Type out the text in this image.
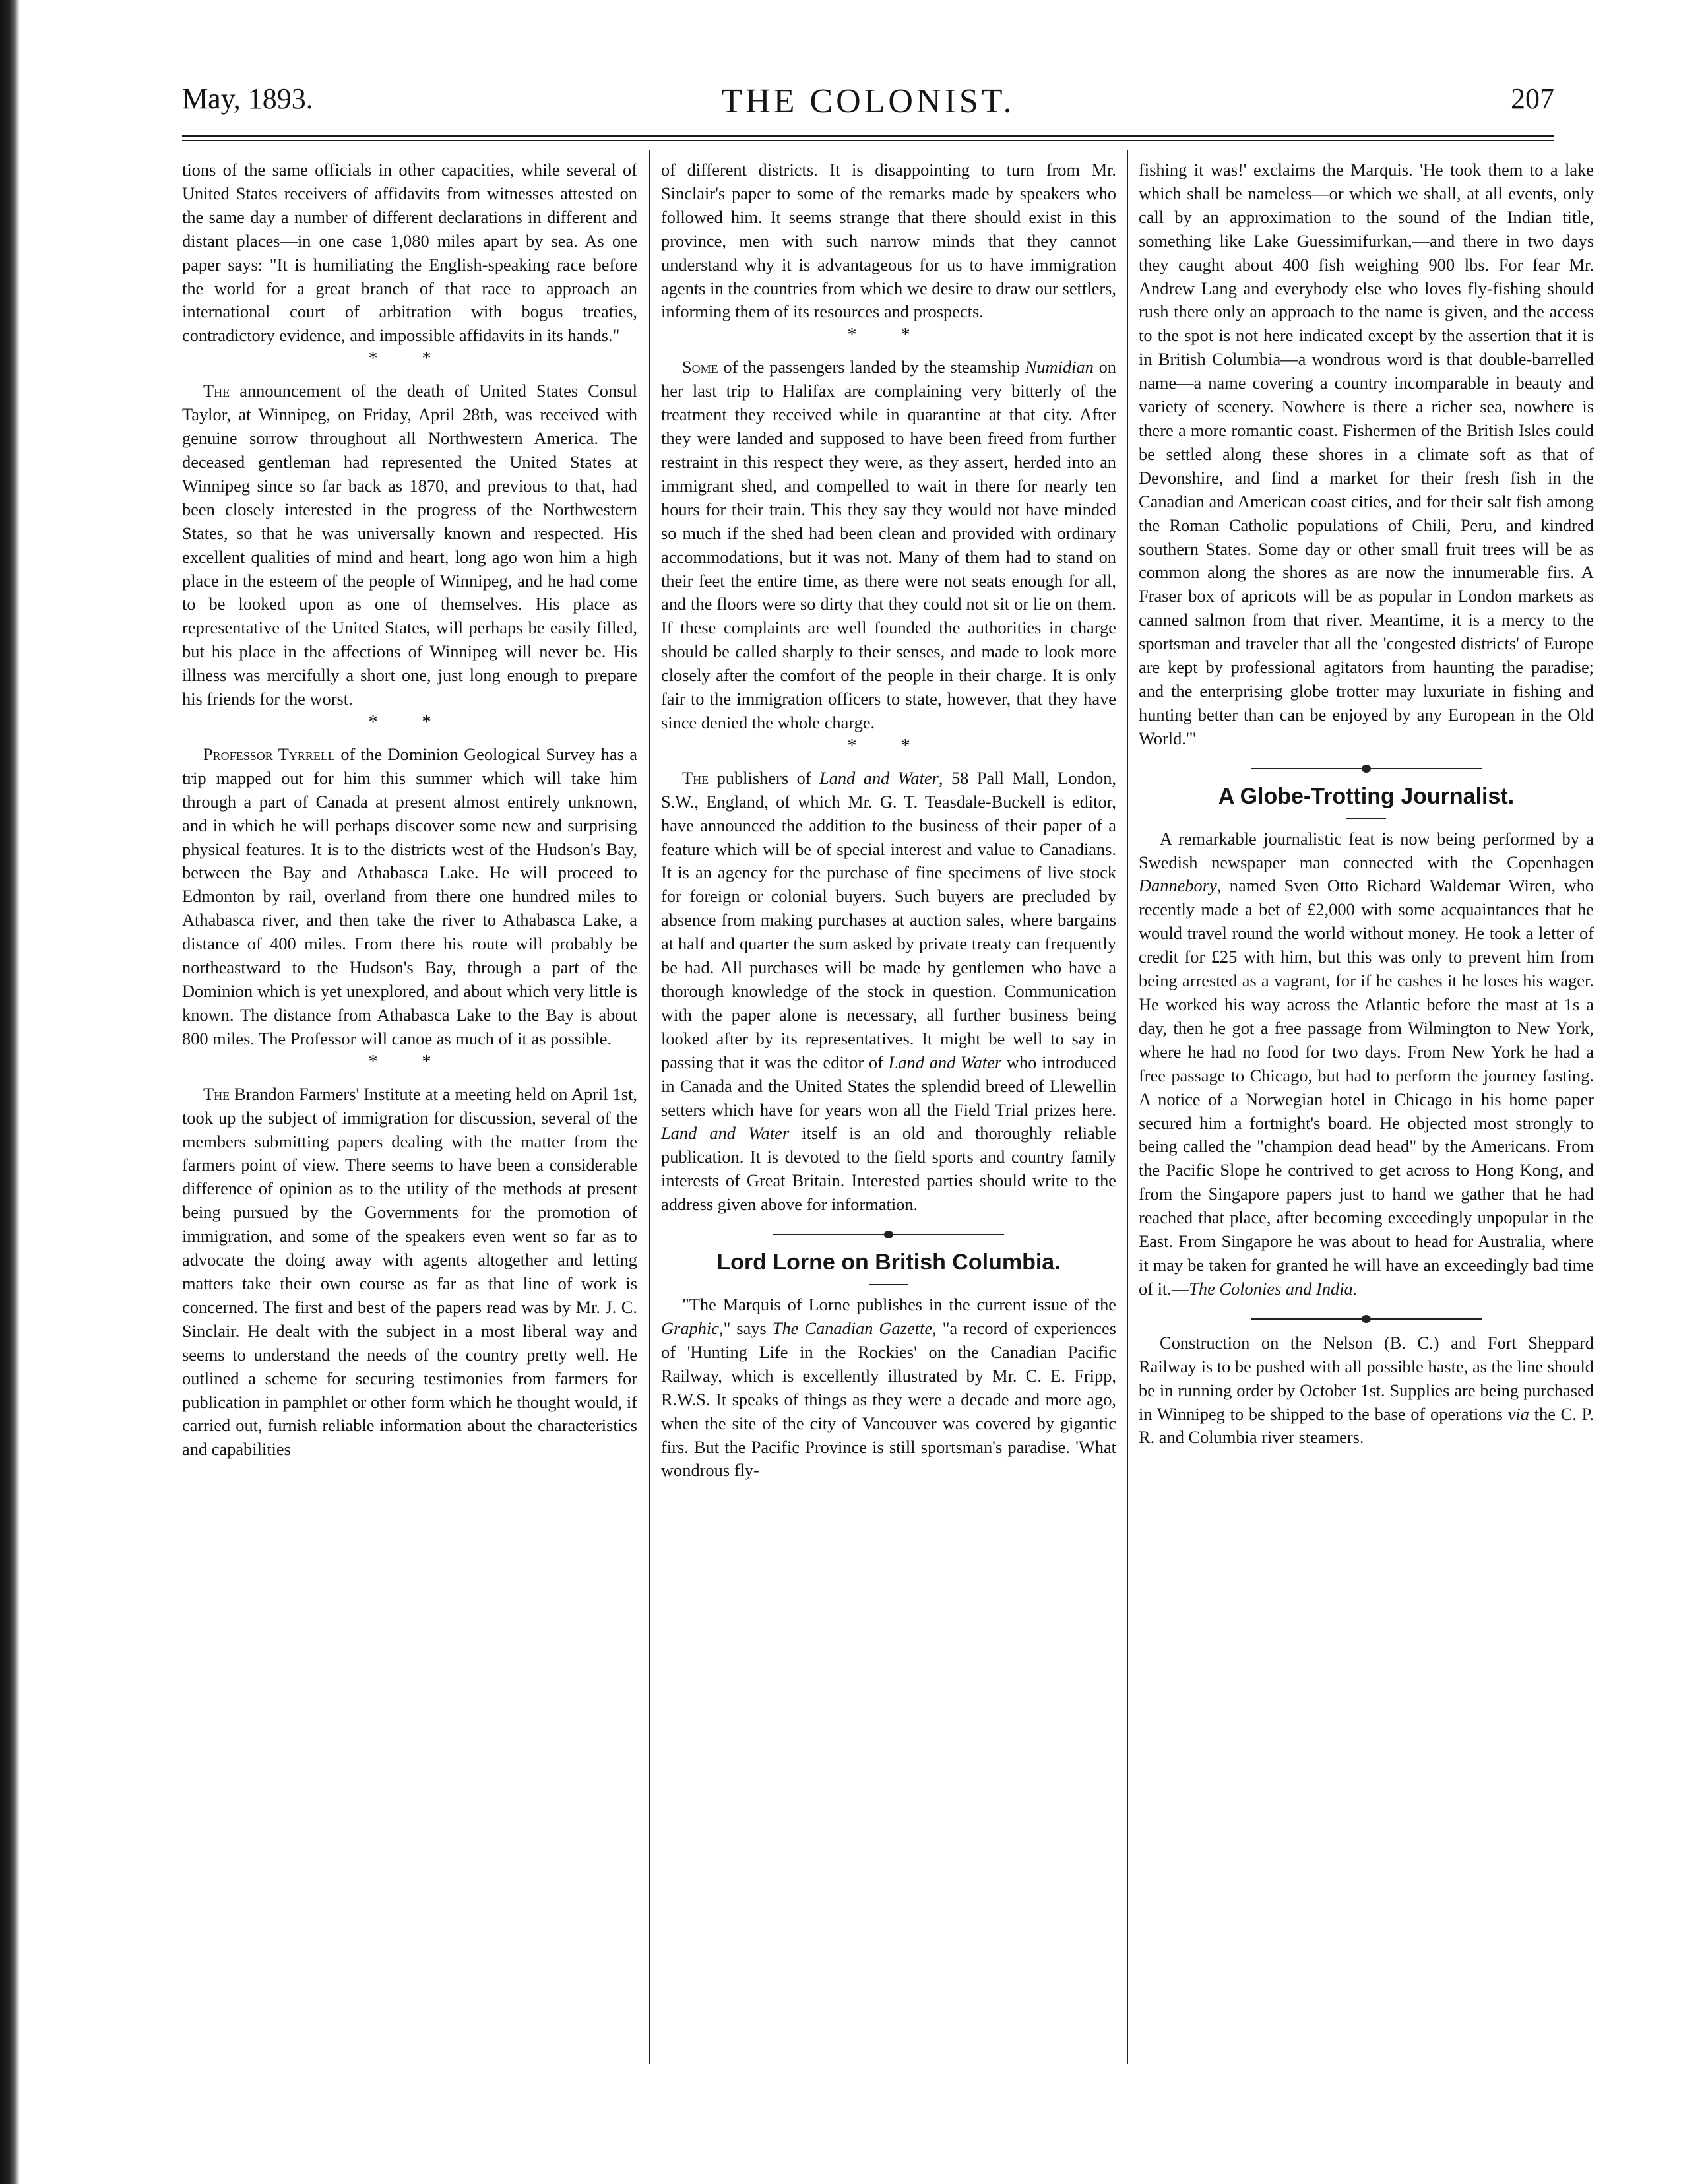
May, 1893.	THE COLONIST.	207

tions of the same officials in other capacities, while several of United States receivers of affidavits from witnesses attested on the same day a number of different declarations in different and distant places—in one case 1,080 miles apart by sea. As one paper says: "It is humiliating the English-speaking race before the world for a great branch of that race to approach an international court of arbitration with bogus treaties, contradictory evidence, and impossible affidavits in its hands."

* *

The announcement of the death of United States Consul Taylor, at Winnipeg, on Friday, April 28th, was received with genuine sorrow throughout all Northwestern America. The deceased gentleman had represented the United States at Winnipeg since so far back as 1870, and previous to that, had been closely interested in the progress of the Northwestern States, so that he was universally known and respected. His excellent qualities of mind and heart, long ago won him a high place in the esteem of the people of Winnipeg, and he had come to be looked upon as one of themselves. His place as representative of the United States, will perhaps be easily filled, but his place in the affections of Winnipeg will never be. His illness was mercifully a short one, just long enough to prepare his friends for the worst.

* *

Professor Tyrrell of the Dominion Geological Survey has a trip mapped out for him this summer which will take him through a part of Canada at present almost entirely unknown, and in which he will perhaps discover some new and surprising physical features. It is to the districts west of the Hudson's Bay, between the Bay and Athabasca Lake. He will proceed to Edmonton by rail, overland from there one hundred miles to Athabasca river, and then take the river to Athabasca Lake, a distance of 400 miles. From there his route will probably be northeastward to the Hudson's Bay, through a part of the Dominion which is yet unexplored, and about which very little is known. The distance from Athabasca Lake to the Bay is about 800 miles. The Professor will canoe as much of it as possible.

* *

The Brandon Farmers' Institute at a meeting held on April 1st, took up the subject of immigration for discussion, several of the members submitting papers dealing with the matter from the farmers point of view. There seems to have been a considerable difference of opinion as to the utility of the methods at present being pursued by the Governments for the promotion of immigration, and some of the speakers even went so far as to advocate the doing away with agents altogether and letting matters take their own course as far as that line of work is concerned. The first and best of the papers read was by Mr. J. C. Sinclair. He dealt with the subject in a most liberal way and seems to understand the needs of the country pretty well. He outlined a scheme for securing testimonies from farmers for publication in pamphlet or other form which he thought would, if carried out, furnish reliable information about the characteristics and capabilities

of different districts. It is disappointing to turn from Mr. Sinclair's paper to some of the remarks made by speakers who followed him. It seems strange that there should exist in this province, men with such narrow minds that they cannot understand why it is advantageous for us to have immigration agents in the countries from which we desire to draw our settlers, informing them of its resources and prospects.

* *

Some of the passengers landed by the steamship Numidian on her last trip to Halifax are complaining very bitterly of the treatment they received while in quarantine at that city. After they were landed and supposed to have been freed from further restraint in this respect they were, as they assert, herded into an immigrant shed, and compelled to wait in there for nearly ten hours for their train. This they say they would not have minded so much if the shed had been clean and provided with ordinary accommodations, but it was not. Many of them had to stand on their feet the entire time, as there were not seats enough for all, and the floors were so dirty that they could not sit or lie on them. If these complaints are well founded the authorities in charge should be called sharply to their senses, and made to look more closely after the comfort of the people in their charge. It is only fair to the immigration officers to state, however, that they have since denied the whole charge.

* *

The publishers of Land and Water, 58 Pall Mall, London, S.W., England, of which Mr. G. T. Teasdale-Buckell is editor, have announced the addition to the business of their paper of a feature which will be of special interest and value to Canadians. It is an agency for the purchase of fine specimens of live stock for foreign or colonial buyers. Such buyers are precluded by absence from making purchases at auction sales, where bargains at half and quarter the sum asked by private treaty can frequently be had. All purchases will be made by gentlemen who have a thorough knowledge of the stock in question. Communication with the paper alone is necessary, all further business being looked after by its representatives. It might be well to say in passing that it was the editor of Land and Water who introduced in Canada and the United States the splendid breed of Llewellin setters which have for years won all the Field Trial prizes here. Land and Water itself is an old and thoroughly reliable publication. It is devoted to the field sports and country family interests of Great Britain. Interested parties should write to the address given above for information.

Lord Lorne on British Columbia.

"The Marquis of Lorne publishes in the current issue of the Graphic," says The Canadian Gazette, "a record of experiences of 'Hunting Life in the Rockies' on the Canadian Pacific Railway, which is excellently illustrated by Mr. C. E. Fripp, R.W.S. It speaks of things as they were a decade and more ago, when the site of the city of Vancouver was covered by gigantic firs. But the Pacific Province is still sportsman's paradise. 'What wondrous fly-

fishing it was!' exclaims the Marquis. 'He took them to a lake which shall be nameless—or which we shall, at all events, only call by an approximation to the sound of the Indian title, something like Lake Guessimifurkan,—and there in two days they caught about 400 fish weighing 900 lbs. For fear Mr. Andrew Lang and everybody else who loves fly-fishing should rush there only an approach to the name is given, and the access to the spot is not here indicated except by the assertion that it is in British Columbia—a wondrous word is that double-barrelled name—a name covering a country incomparable in beauty and variety of scenery. Nowhere is there a richer sea, nowhere is there a more romantic coast. Fishermen of the British Isles could be settled along these shores in a climate soft as that of Devonshire, and find a market for their fresh fish in the Canadian and American coast cities, and for their salt fish among the Roman Catholic populations of Chili, Peru, and kindred southern States. Some day or other small fruit trees will be as common along the shores as are now the innumerable firs. A Fraser box of apricots will be as popular in London markets as canned salmon from that river. Meantime, it is a mercy to the sportsman and traveler that all the 'congested districts' of Europe are kept by professional agitators from haunting the paradise; and the enterprising globe trotter may luxuriate in fishing and hunting better than can be enjoyed by any European in the Old World.'"

A Globe-Trotting Journalist.

A remarkable journalistic feat is now being performed by a Swedish newspaper man connected with the Copenhagen Dannebory, named Sven Otto Richard Waldemar Wiren, who recently made a bet of £2,000 with some acquaintances that he would travel round the world without money. He took a letter of credit for £25 with him, but this was only to prevent him from being arrested as a vagrant, for if he cashes it he loses his wager. He worked his way across the Atlantic before the mast at 1s a day, then he got a free passage from Wilmington to New York, where he had no food for two days. From New York he had a free passage to Chicago, but had to perform the journey fasting. A notice of a Norwegian hotel in Chicago in his home paper secured him a fortnight's board. He objected most strongly to being called the "champion dead head" by the Americans. From the Pacific Slope he contrived to get across to Hong Kong, and from the Singapore papers just to hand we gather that he had reached that place, after becoming exceedingly unpopular in the East. From Singapore he was about to head for Australia, where it may be taken for granted he will have an exceedingly bad time of it.—The Colonies and India.

Construction on the Nelson (B. C.) and Fort Sheppard Railway is to be pushed with all possible haste, as the line should be in running order by October 1st. Supplies are being purchased in Winnipeg to be shipped to the base of operations via the C. P. R. and Columbia river steamers.
